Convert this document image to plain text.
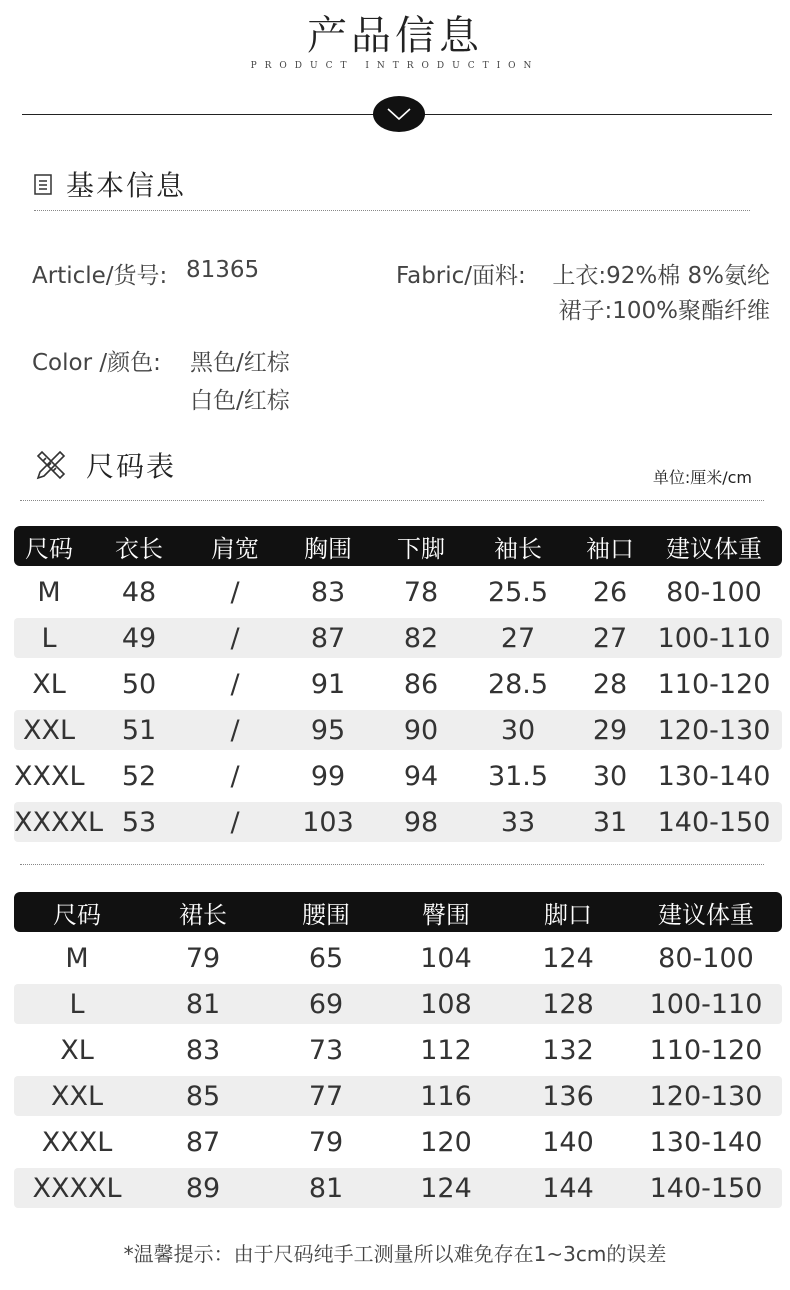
产品信息
PRODUCT INTRODUCTION
基本信息
Article/货号: 81365	Fabric/面料: 上衣:92%棉 8%氨纶
裙子:100%聚酯纤维
Color /颜色: 黑色/红棕
白色/红棕
尺码表	单位:厘米/cm
尺码	衣长	肩宽	胸围	下脚	袖长	袖口	建议体重
M	48	/	83	78	25.5	26	80-100
L	49	/	87	82	27	27	100-110
XL	50	/	91	86	28.5	28	110-120
XXL	51	/	95	90	30	29	120-130
XXXL	52	/	99	94	31.5	30	130-140
XXXXL 53	/	103	98	33	31	140-150
尺码	裙长	腰围	臀围	脚口	建议体重
M	79	65	104	124	80-100
L	81	69	108	128	100-110
XL	83	73	112	132	110-120
XXL	85	77	116	136	120-130
XXXL	87	79	120	140	130-140
XXXXL	89	81	124	144	140-150
*温馨提示：由于尺码纯手工测量所以难免存在1~3cm的误差
